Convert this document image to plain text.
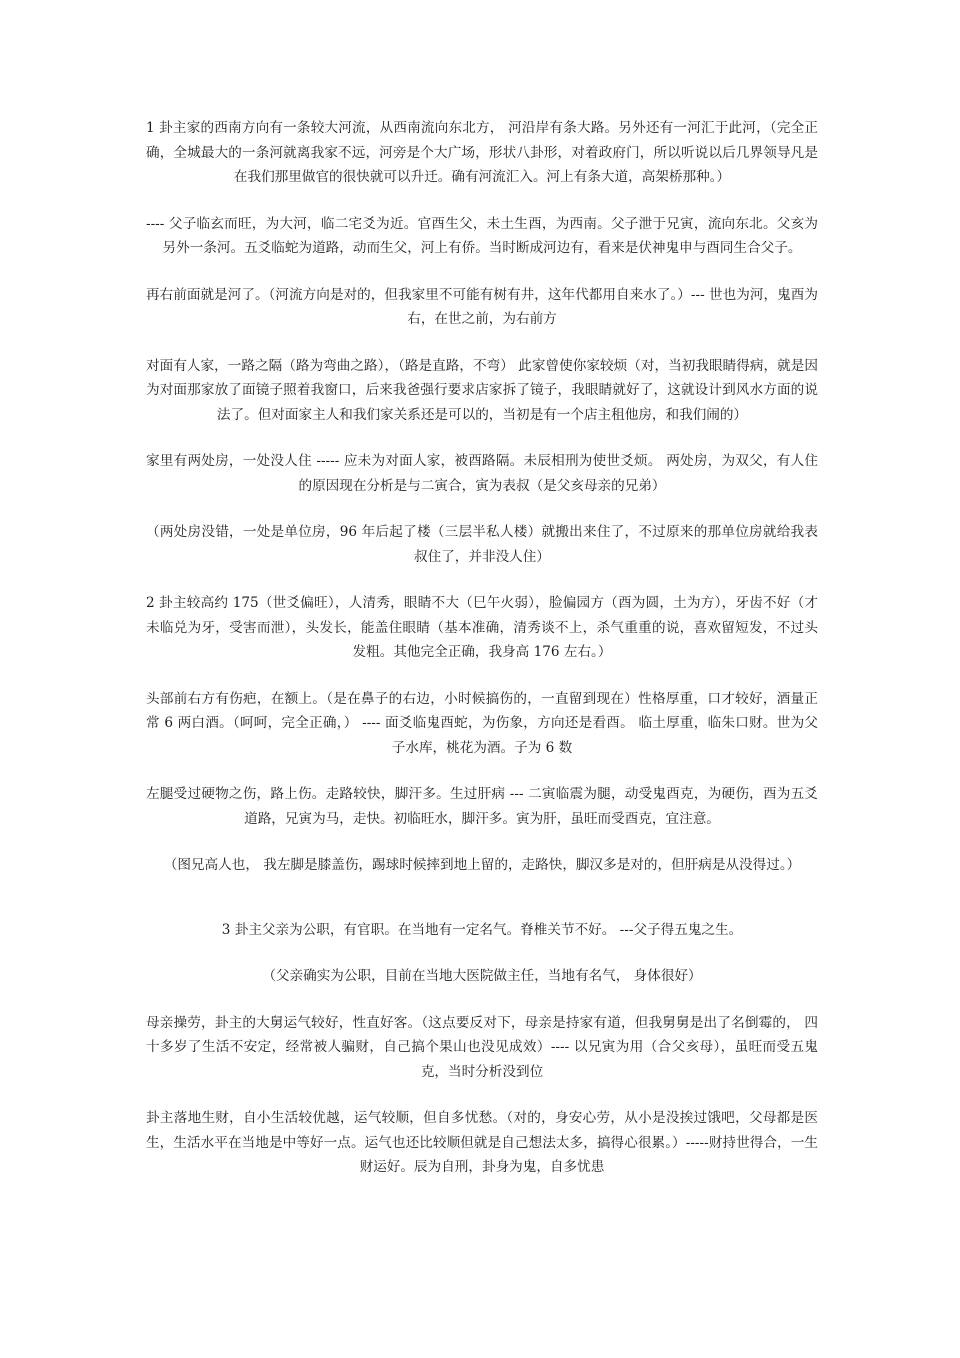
1 卦主家的西南方向有一条较大河流，从西南流向东北方， 河沿岸有条大路。另外还有一河汇于此河，（完全正确，全城最大的一条河就离我家不远，河旁是个大广场，形状八卦形，对着政府门，所以听说以后几界领导凡是在我们那里做官的很快就可以升迁。确有河流汇入。河上有条大道，高架桥那种。）

---- 父子临玄而旺，为大河，临二宅爻为近。官酉生父，未土生酉，为西南。父子泄于兄寅，流向东北。父亥为另外一条河。五爻临蛇为道路，动而生父，河上有侨。当时断成河边有，看来是伏神鬼申与酉同生合父子。

再右前面就是河了。（河流方向是对的，但我家里不可能有树有井，这年代都用自来水了。）--- 世也为河，鬼酉为右，在世之前，为右前方

对面有人家，一路之隔（路为弯曲之路），（路是直路，不弯） 此家曾使你家较烦（对，当初我眼睛得病，就是因为对面那家放了面镜子照着我窗口，后来我爸强行要求店家拆了镜子，我眼睛就好了，这就设计到风水方面的说法了。但对面家主人和我们家关系还是可以的，当初是有一个店主租他房，和我们闹的）

家里有两处房，一处没人住 ----- 应未为对面人家，被酉路隔。未辰相刑为使世爻烦。 两处房，为双父，有人住的原因现在分析是与二寅合，寅为表叔（是父亥母亲的兄弟）

（两处房没错，一处是单位房，96 年后起了楼（三层半私人楼）就搬出来住了，不过原来的那单位房就给我表叔住了，并非没人住）

2 卦主较高约 175（世爻偏旺），人清秀，眼睛不大（巳午火弱），脸偏园方（酉为圆，土为方），牙齿不好（才未临兑为牙，受害而泄），头发长，能盖住眼睛（基本准确，清秀谈不上，杀气重重的说，喜欢留短发，不过头发粗。其他完全正确，我身高 176 左右。）

头部前右方有伤疤，在额上。（是在鼻子的右边，小时候搞伤的，一直留到现在）性格厚重，口才较好，酒量正常 6 两白酒。（呵呵，完全正确，） ---- 面爻临鬼酉蛇，为伤象，方向还是看酉。 临土厚重，临朱口财。世为父子水库，桃花为酒。子为 6 数

左腿受过硬物之伤，路上伤。走路较快，脚汗多。生过肝病 --- 二寅临震为腿，动受鬼酉克，为硬伤，酉为五爻道路，兄寅为马，走快。初临旺水，脚汗多。寅为肝，虽旺而受酉克，宜注意。

（图兄高人也， 我左脚是膝盖伤，踢球时候摔到地上留的，走路快，脚汉多是对的，但肝病是从没得过。）

3 卦主父亲为公职，有官职。在当地有一定名气。脊椎关节不好。 ---父子得五鬼之生。

（父亲确实为公职，目前在当地大医院做主任，当地有名气， 身体很好）

母亲操劳，卦主的大舅运气较好，性直好客。（这点要反对下，母亲是持家有道，但我舅舅是出了名倒霉的， 四十多岁了生活不安定，经常被人骗财，自己搞个果山也没见成效）---- 以兄寅为用（合父亥母），虽旺而受五鬼克，当时分析没到位

卦主落地生财，自小生活较优越，运气较顺，但自多忧愁。（对的，身安心劳，从小是没挨过饿吧，父母都是医生，生活水平在当地是中等好一点。运气也还比较顺但就是自己想法太多，搞得心很累。）-----财持世得合，一生财运好。辰为自刑，卦身为鬼，自多忧患
